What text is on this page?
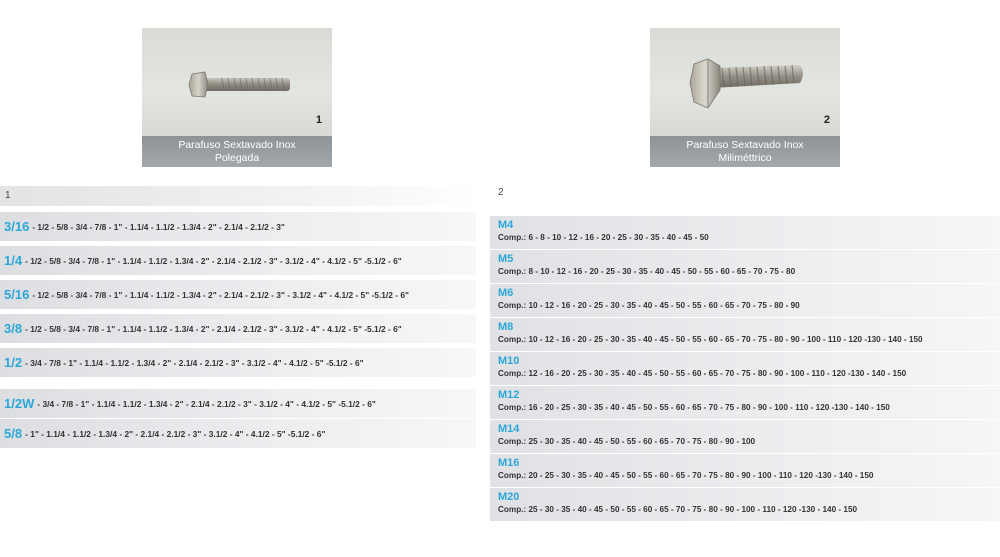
1
Parafuso Sextavado Inox
Polegada
2
Parafuso Sextavado Inox
Miliméttrico
1
3/16 - 1/2 - 5/8 - 3/4 - 7/8 - 1" - 1.1/4 - 1.1/2 - 1.3/4 - 2" - 2.1/4 - 2.1/2 - 3"
1/4 - 1/2 - 5/8 - 3/4 - 7/8 - 1" - 1.1/4 - 1.1/2 - 1.3/4 - 2" - 2.1/4 - 2.1/2 - 3" - 3.1/2 - 4" - 4.1/2 - 5" -5.1/2 - 6"
5/16 - 1/2 - 5/8 - 3/4 - 7/8 - 1" - 1.1/4 - 1.1/2 - 1.3/4 - 2" - 2.1/4 - 2.1/2 - 3" - 3.1/2 - 4" - 4.1/2 - 5" -5.1/2 - 6"
3/8 - 1/2 - 5/8 - 3/4 - 7/8 - 1" - 1.1/4 - 1.1/2 - 1.3/4 - 2" - 2.1/4 - 2.1/2 - 3" - 3.1/2 - 4" - 4.1/2 - 5" -5.1/2 - 6"
1/2 - 3/4 - 7/8 - 1" - 1.1/4 - 1.1/2 - 1.3/4 - 2" - 2.1/4 - 2.1/2 - 3" - 3.1/2 - 4" - 4.1/2 - 5" -5.1/2 - 6"
1/2W - 3/4 - 7/8 - 1" - 1.1/4 - 1.1/2 - 1.3/4 - 2" - 2.1/4 - 2.1/2 - 3" - 3.1/2 - 4" - 4.1/2 - 5" -5.1/2 - 6"
5/8 - 1" - 1.1/4 - 1.1/2 - 1.3/4 - 2" - 2.1/4 - 2.1/2 - 3" - 3.1/2 - 4" - 4.1/2 - 5" -5.1/2 - 6"
2
M4
Comp.: 6 - 8 - 10 - 12 - 16 - 20 - 25 - 30 - 35 - 40 - 45 - 50
M5
Comp.: 8 - 10 - 12 - 16 - 20 - 25 - 30 - 35 - 40 - 45 - 50 - 55 - 60 - 65 - 70 - 75 - 80
M6
Comp.: 10 - 12 - 16 - 20 - 25 - 30 - 35 - 40 - 45 - 50 - 55 - 60 - 65 - 70 - 75 - 80 - 90
M8
Comp.: 10 - 12 - 16 - 20 - 25 - 30 - 35 - 40 - 45 - 50 - 55 - 60 - 65 - 70 - 75 - 80 - 90 - 100 - 110 - 120 -130 - 140 - 150
M10
Comp.: 12 - 16 - 20 - 25 - 30 - 35 - 40 - 45 - 50 - 55 - 60 - 65 - 70 - 75 - 80 - 90 - 100 - 110 - 120 -130 - 140 - 150
M12
Comp.: 16 - 20 - 25 - 30 - 35 - 40 - 45 - 50 - 55 - 60 - 65 - 70 - 75 - 80 - 90 - 100 - 110 - 120 -130 - 140 - 150
M14
Comp.: 25 - 30 - 35 - 40 - 45 - 50 - 55 - 60 - 65 - 70 - 75 - 80 - 90 - 100
M16
Comp.: 20 - 25 - 30 - 35 - 40 - 45 - 50 - 55 - 60 - 65 - 70 - 75 - 80 - 90 - 100 - 110 - 120 -130 - 140 - 150
M20
Comp.: 25 - 30 - 35 - 40 - 45 - 50 - 55 - 60 - 65 - 70 - 75 - 80 - 90 - 100 - 110 - 120 -130 - 140 - 150
